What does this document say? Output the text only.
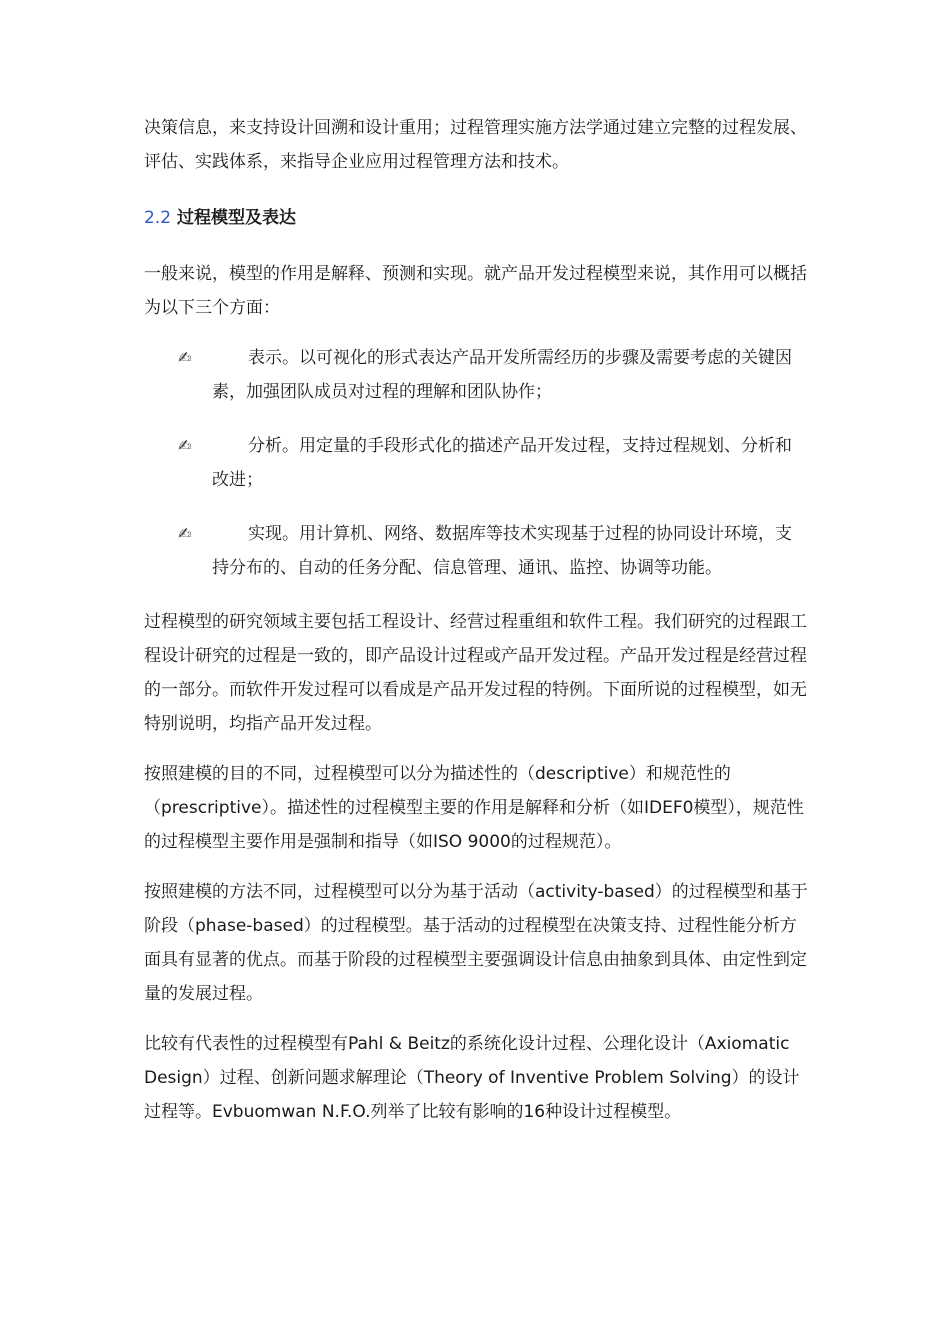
决策信息，来支持设计回溯和设计重用；过程管理实施方法学通过建立完整的过程发展、评估、实践体系，来指导企业应用过程管理方法和技术。

2.2 过程模型及表达

一般来说，模型的作用是解释、预测和实现。就产品开发过程模型来说，其作用可以概括为以下三个方面：

✍	表示。以可视化的形式表达产品开发所需经历的步骤及需要考虑的关键因素，加强团队成员对过程的理解和团队协作；
✍	分析。用定量的手段形式化的描述产品开发过程，支持过程规划、分析和改进；
✍	实现。用计算机、网络、数据库等技术实现基于过程的协同设计环境，支持分布的、自动的任务分配、信息管理、通讯、监控、协调等功能。

过程模型的研究领域主要包括工程设计、经营过程重组和软件工程。我们研究的过程跟工程设计研究的过程是一致的，即产品设计过程或产品开发过程。产品开发过程是经营过程的一部分。而软件开发过程可以看成是产品开发过程的特例。下面所说的过程模型，如无特别说明，均指产品开发过程。

按照建模的目的不同，过程模型可以分为描述性的（descriptive）和规范性的（prescriptive）。描述性的过程模型主要的作用是解释和分析（如IDEF0模型），规范性的过程模型主要作用是强制和指导（如ISO 9000的过程规范）。

按照建模的方法不同，过程模型可以分为基于活动（activity-based）的过程模型和基于阶段（phase-based）的过程模型。基于活动的过程模型在决策支持、过程性能分析方面具有显著的优点。而基于阶段的过程模型主要强调设计信息由抽象到具体、由定性到定量的发展过程。

比较有代表性的过程模型有Pahl & Beitz的系统化设计过程、公理化设计（Axiomatic Design）过程、创新问题求解理论（Theory of Inventive Problem Solving）的设计过程等。Evbuomwan N.F.O.列举了比较有影响的16种设计过程模型。
